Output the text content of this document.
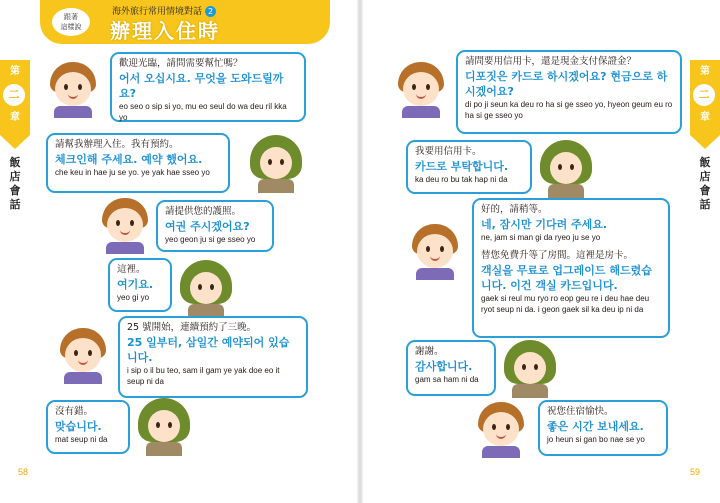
跟著
這樣說
海外旅行常用情境對話 2
辦理入住時
第
二
章
飯店會話
第
二
章
飯店會話
歡迎光臨，請問需要幫忙嗎？
어서 오십시요. 무엇을 도와드릴까요?
eo seo o sip si yo, mu eo seul do wa deu ril kka yo
請幫我辦理入住。我有預約。
체크인해 주세요. 예약 했어요.
che keu in hae ju se yo. ye yak hae sseo yo
請提供您的護照。
여권 주시겠어요?
yeo geon ju si ge sseo yo
這裡。
여기요.
yeo gi yo
25 號開始，連續預約了三晚。
25 일부터, 삼일간 예약되어 있습니다.
i sip o il bu teo, sam il gam ye yak doe eo it seup ni da
沒有錯。
맞습니다.
mat seup ni da
請問要用信用卡，還是現金支付保證金？
디포짓은 카드로 하시겠어요? 현금으로 하시겠어요?
di po ji seun ka deu ro ha si ge sseo yo, hyeon geum eu ro ha si ge sseo yo
我要用信用卡。
카드로 부탁합니다.
ka deu ro bu tak hap ni da
好的，請稍等。
네, 잠시만 기다려 주세요.
ne, jam si man gi da ryeo ju se yo
替您免費升等了房間。這裡是房卡。
객실을 무료로 업그레이드 해드렸습니다. 이건 객실 카드입니다.
gaek si reul mu ryo ro eop geu re i deu hae deu ryot seup ni da. i geon gaek sil ka deu ip ni da
謝謝。
감사합니다.
gam sa ham ni da
祝您住宿愉快。
좋은 시간 보내세요.
jo heun si gan bo nae se yo
58	59
